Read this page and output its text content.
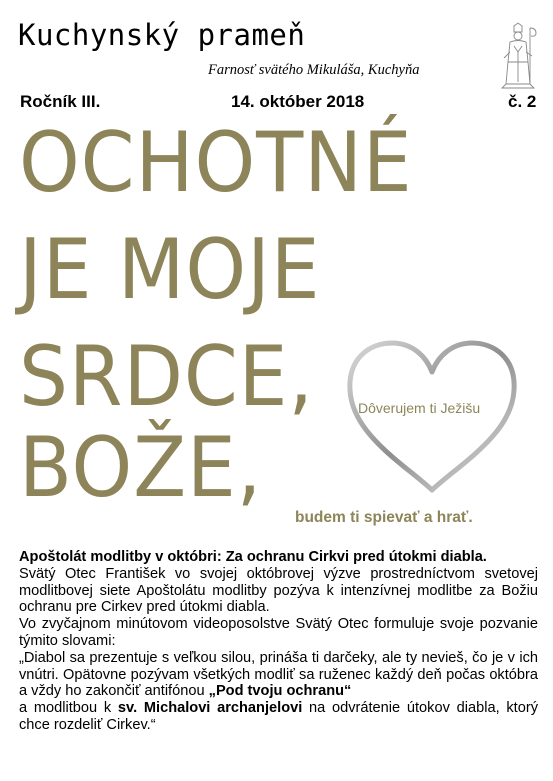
Kuchynský prameň
Farnosť svätého Mikuláša, Kuchyňa
Ročník III.	14. október 2018	č. 2
OCHOTNÉ
JE MOJE
SRDCE,
BOŽE,
Dôverujem ti Ježišu
budem ti spievať a hrať.
Apoštolát modlitby v októbri: Za ochranu Cirkvi pred útokmi diabla.

Svätý Otec František vo svojej októbrovej výzve prostredníctvom svetovej modlitbovej siete Apoštolátu modlitby pozýva k intenzívnej modlitbe za Božiu ochranu pre Cirkev pred útokmi diabla.

Vo zvyčajnom minútovom videoposolstve Svätý Otec formuluje svoje pozvanie týmito slovami:

„Diabol sa prezentuje s veľkou silou, prináša ti darčeky, ale ty nevieš, čo je v ich vnútri. Opätovne pozývam všetkých modliť sa ruženec každý deň počas októbra a vždy ho zakončiť antifónou „Pod tvoju ochranu“
a modlitbou k sv. Michalovi archanjelovi na odvrátenie útokov diabla, ktorý chce rozdeliť Cirkev.“
